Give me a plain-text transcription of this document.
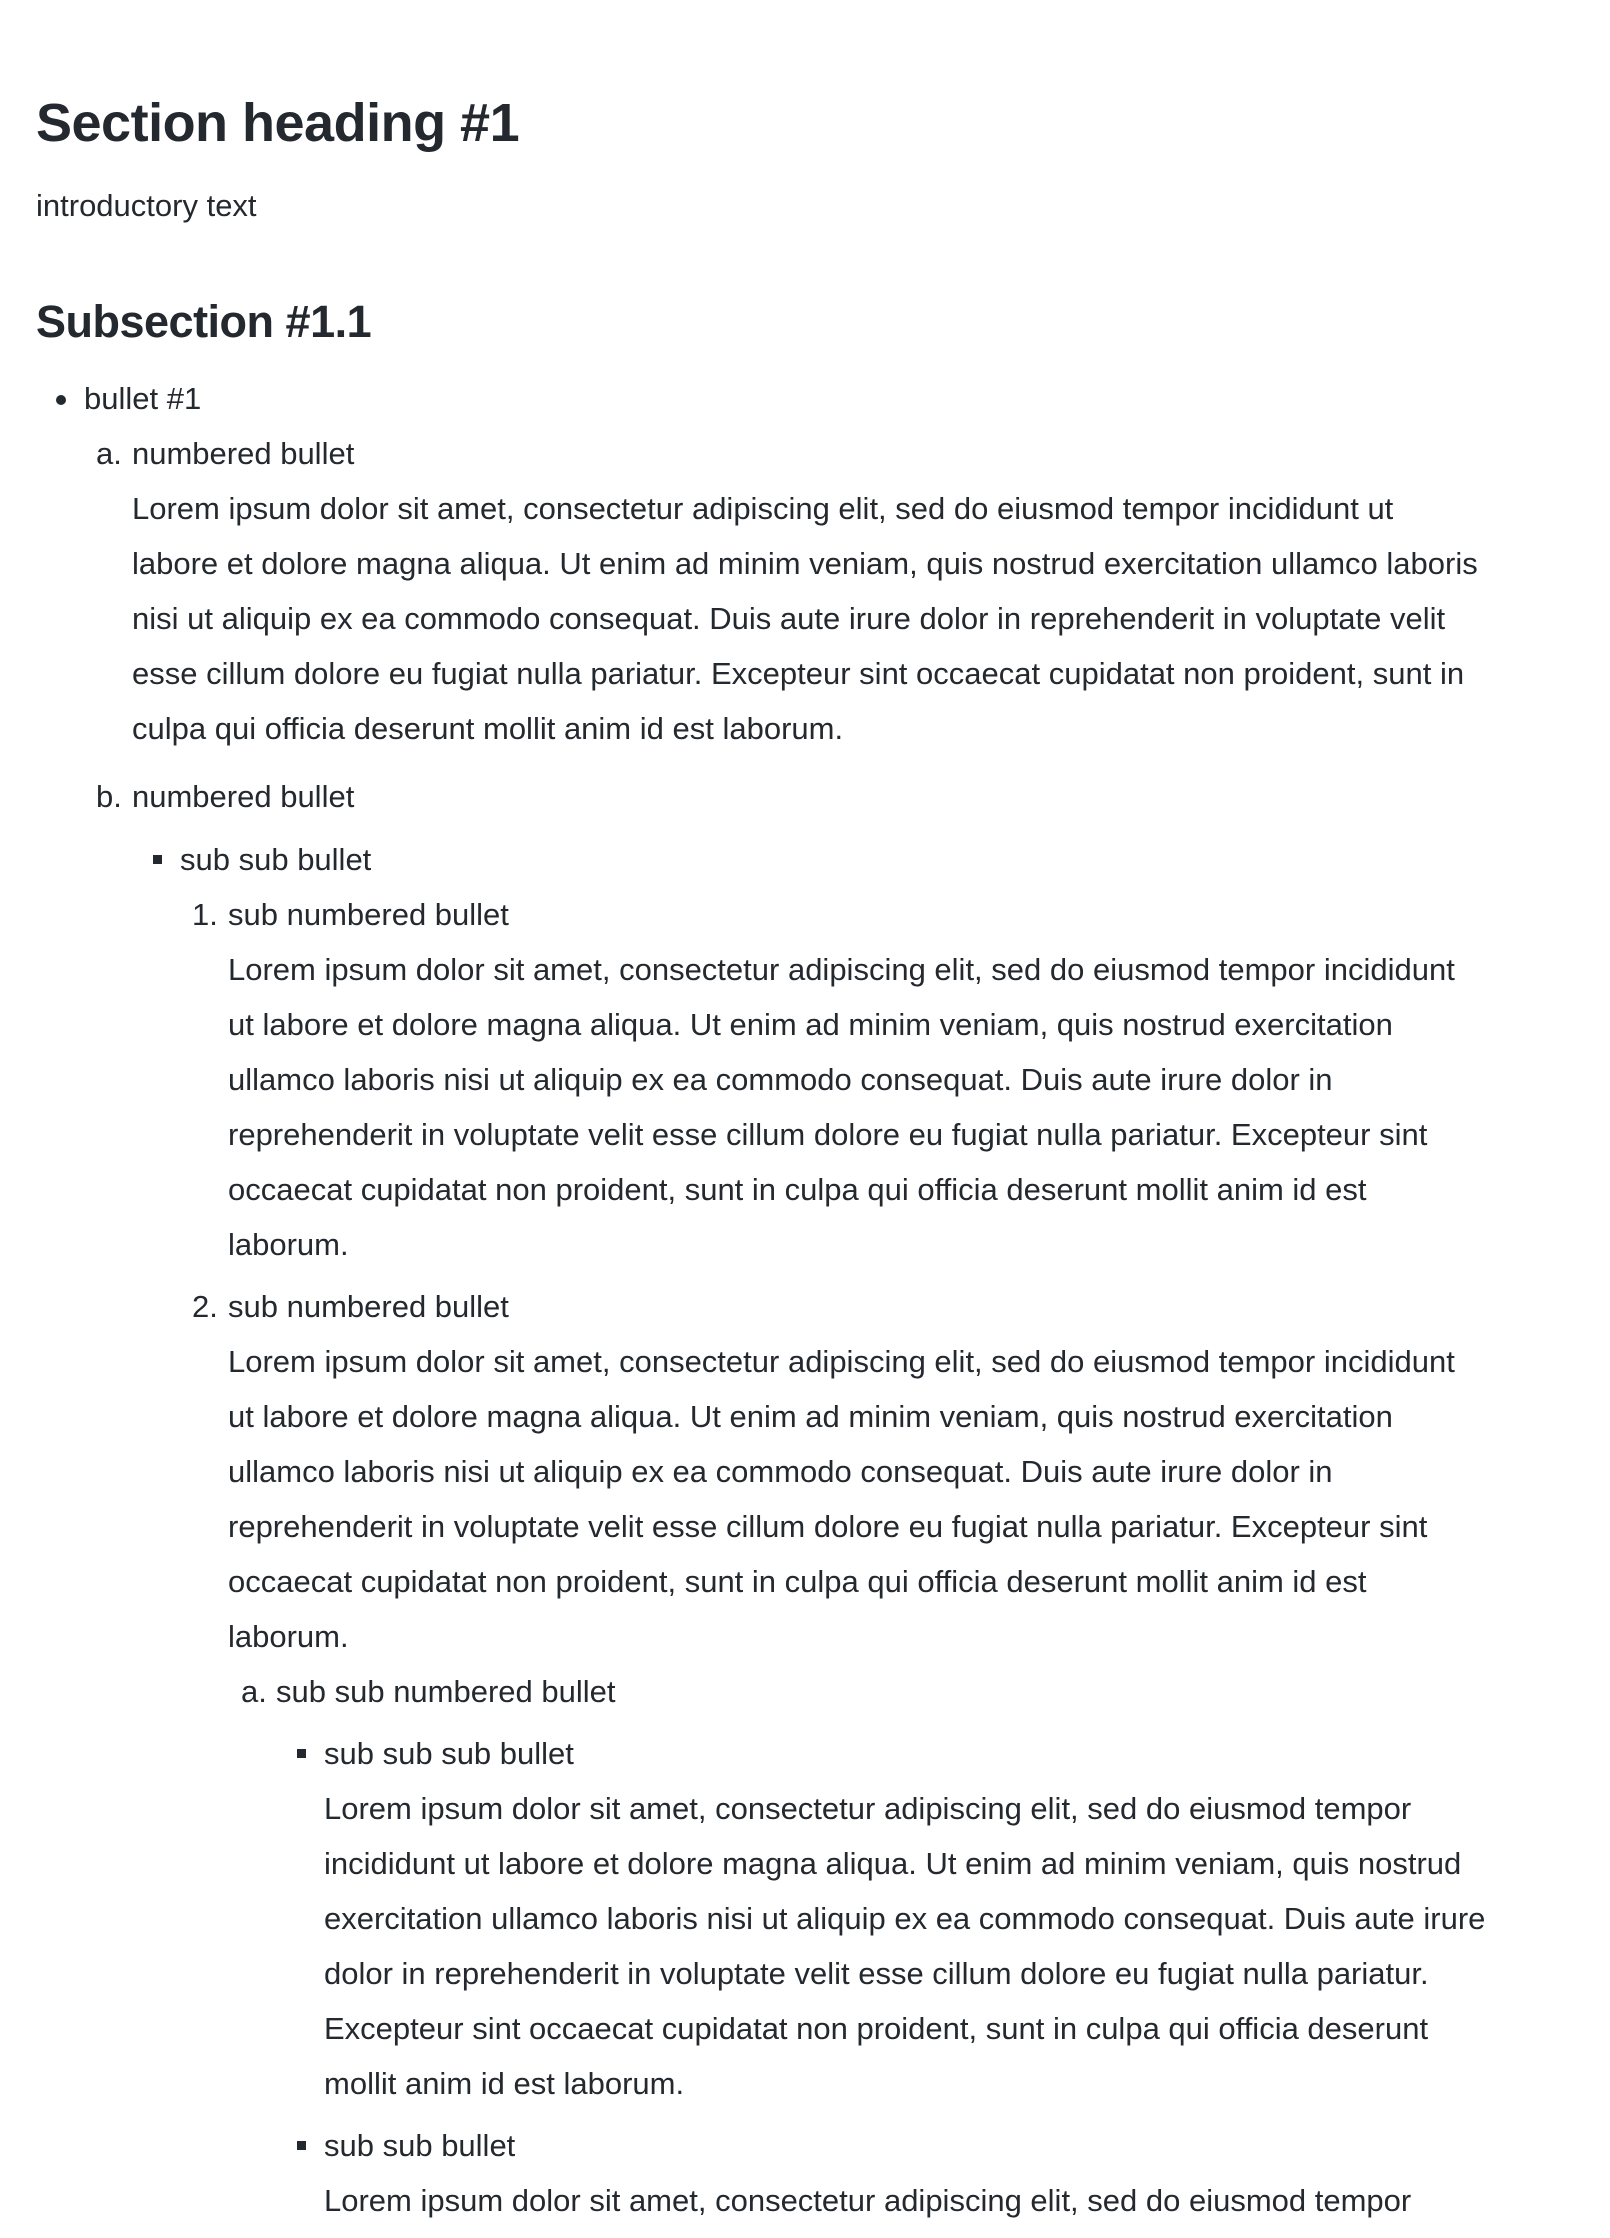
Section heading #1

introductory text

Subsection #1.1
bullet #1
a. numbered bullet
Lorem ipsum dolor sit amet, consectetur adipiscing elit, sed do eiusmod tempor incididunt ut
labore et dolore magna aliqua. Ut enim ad minim veniam, quis nostrud exercitation ullamco laboris
nisi ut aliquip ex ea commodo consequat. Duis aute irure dolor in reprehenderit in voluptate velit
esse cillum dolore eu fugiat nulla pariatur. Excepteur sint occaecat cupidatat non proident, sunt in
culpa qui officia deserunt mollit anim id est laborum.
b. numbered bullet
sub sub bullet
1. sub numbered bullet
Lorem ipsum dolor sit amet, consectetur adipiscing elit, sed do eiusmod tempor incididunt
ut labore et dolore magna aliqua. Ut enim ad minim veniam, quis nostrud exercitation
ullamco laboris nisi ut aliquip ex ea commodo consequat. Duis aute irure dolor in
reprehenderit in voluptate velit esse cillum dolore eu fugiat nulla pariatur. Excepteur sint
occaecat cupidatat non proident, sunt in culpa qui officia deserunt mollit anim id est
laborum.
2. sub numbered bullet
Lorem ipsum dolor sit amet, consectetur adipiscing elit, sed do eiusmod tempor incididunt
ut labore et dolore magna aliqua. Ut enim ad minim veniam, quis nostrud exercitation
ullamco laboris nisi ut aliquip ex ea commodo consequat. Duis aute irure dolor in
reprehenderit in voluptate velit esse cillum dolore eu fugiat nulla pariatur. Excepteur sint
occaecat cupidatat non proident, sunt in culpa qui officia deserunt mollit anim id est
laborum.
a. sub sub numbered bullet
sub sub sub bullet
Lorem ipsum dolor sit amet, consectetur adipiscing elit, sed do eiusmod tempor
incididunt ut labore et dolore magna aliqua. Ut enim ad minim veniam, quis nostrud
exercitation ullamco laboris nisi ut aliquip ex ea commodo consequat. Duis aute irure
dolor in reprehenderit in voluptate velit esse cillum dolore eu fugiat nulla pariatur.
Excepteur sint occaecat cupidatat non proident, sunt in culpa qui officia deserunt
mollit anim id est laborum.
sub sub bullet
Lorem ipsum dolor sit amet, consectetur adipiscing elit, sed do eiusmod tempor
